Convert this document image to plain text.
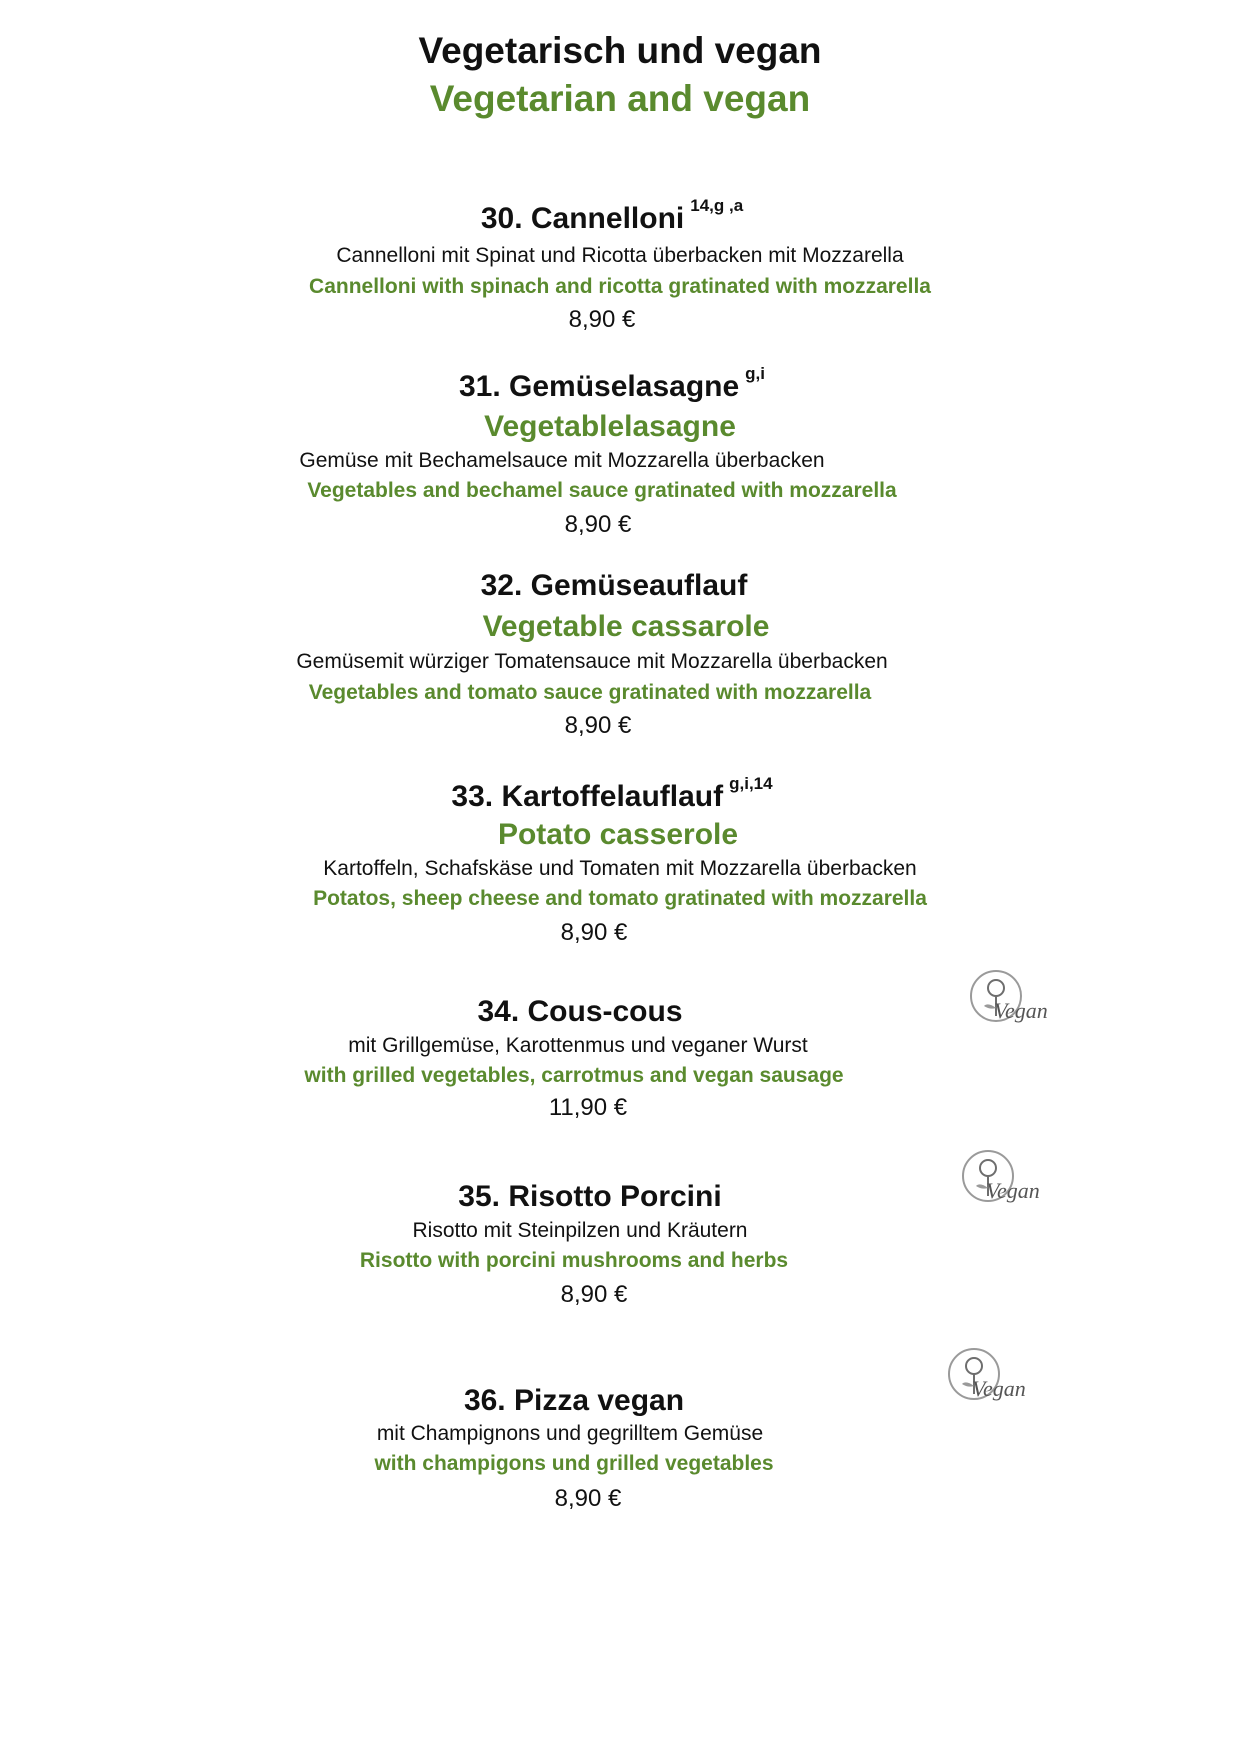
Vegetarisch und vegan
Vegetarian and vegan
30. Cannelloni $^{14,g ,a}$
Cannelloni mit Spinat und Ricotta überbacken mit Mozzarella
Cannelloni with spinach and ricotta gratinated with mozzarella
8,90 €
31. Gemüselasagne $^{g,i}$
Vegetablelasagne
Gemüse mit Bechamelsauce mit Mozzarella überbacken
Vegetables and bechamel sauce gratinated with mozzarella
8,90 €
32. Gemüseauflauf
Vegetable cassarole
Gemüsemit würziger Tomatensauce mit Mozzarella überbacken
Vegetables and tomato sauce gratinated with mozzarella
8,90 €
33. Kartoffelauflauf $^{g,i,14}$
Potato casserole
Kartoffeln, Schafskäse und Tomaten mit Mozzarella überbacken
Potatos, sheep cheese and tomato gratinated with mozzarella
8,90 €
34. Cous-cous
mit Grillgemüse, Karottenmus und veganer Wurst
with grilled vegetables, carrotmus and vegan sausage
11,90 €
35. Risotto Porcini
Risotto mit Steinpilzen und Kräutern
Risotto with porcini mushrooms and herbs
8,90 €
36. Pizza vegan
mit Champignons und gegrilltem Gemüse
with champigons und grilled vegetables
8,90 €
Vegan
Vegan
Vegan
